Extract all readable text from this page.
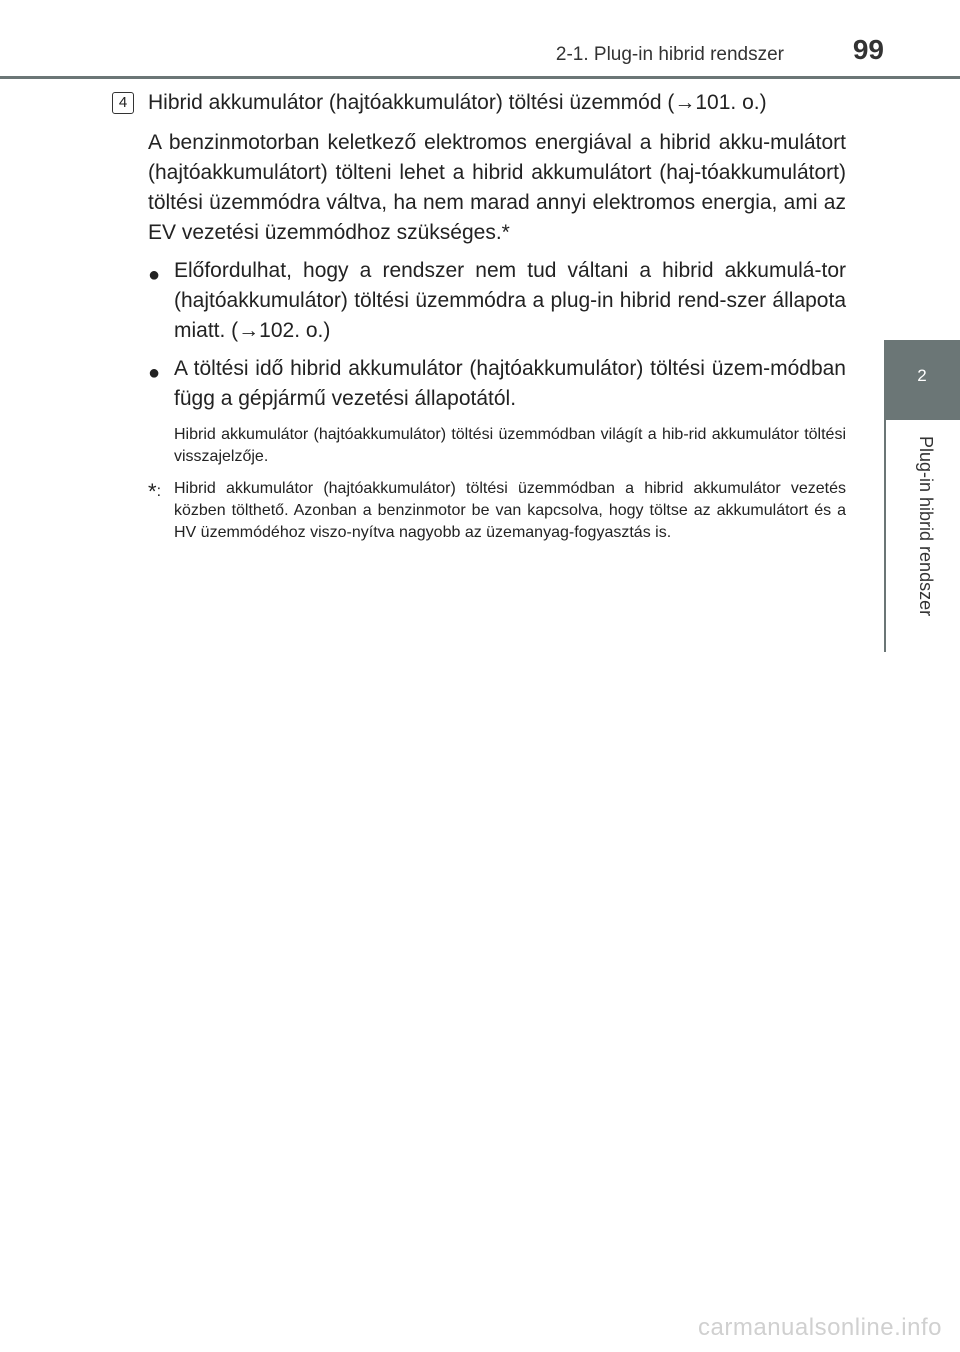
2-1. Plug-in hibrid rendszer 99
2
Plug-in hibrid rendszer
4 Hibrid akkumulátor (hajtóakkumulátor) töltési üzemmód (→101. o.)
A benzinmotorban keletkező elektromos energiával a hibrid akku-mulátort (hajtóakkumulátort) tölteni lehet a hibrid akkumulátort (haj-tóakkumulátort) töltési üzemmódra váltva, ha nem marad annyi elektromos energia, ami az EV vezetési üzemmódhoz szükséges.*
● Előfordulhat, hogy a rendszer nem tud váltani a hibrid akkumulá-tor (hajtóakkumulátor) töltési üzemmódra a plug-in hibrid rend-szer állapota miatt. (→102. o.)
● A töltési idő hibrid akkumulátor (hajtóakkumulátor) töltési üzem-módban függ a gépjármű vezetési állapotától.
Hibrid akkumulátor (hajtóakkumulátor) töltési üzemmódban világít a hib-rid akkumulátor töltési visszajelzője.
*: Hibrid akkumulátor (hajtóakkumulátor) töltési üzemmódban a hibrid akkumulátor vezetés közben tölthető. Azonban a benzinmotor be van kapcsolva, hogy töltse az akkumulátort és a HV üzemmódéhoz viszo-nyítva nagyobb az üzemanyag-fogyasztás is.
carmanualsonline.info
